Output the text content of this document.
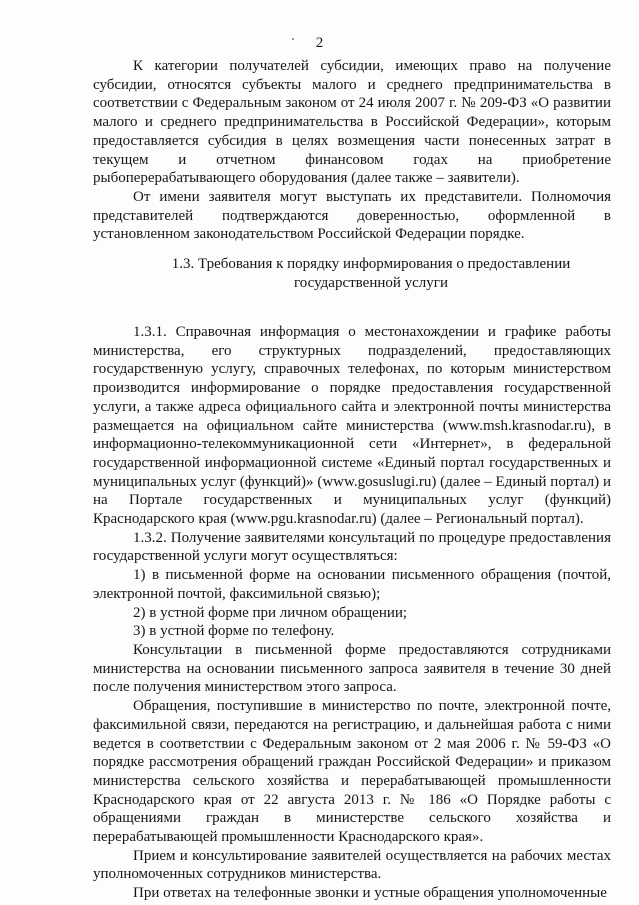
2

К категории получателей субсидии, имеющих право на получение субсидии, относятся субъекты малого и среднего предпринимательства в соответствии с Федеральным законом от 24 июля 2007 г. № 209-ФЗ «О развитии малого и среднего предпринимательства в Российской Федерации», которым предоставляется субсидия в целях возмещения части понесенных затрат в текущем и отчетном финансовом годах на приобретение рыбоперерабатывающего оборудования (далее также – заявители).

От имени заявителя могут выступать их представители. Полномочия представителей подтверждаются доверенностью, оформленной в установленном законодательством Российской Федерации порядке.

1.3. Требования к порядку информирования о предоставлении государственной услуги

1.3.1. Справочная информация о местонахождении и графике работы министерства, его структурных подразделений, предоставляющих государственную услугу, справочных телефонах, по которым министерством производится информирование о порядке предоставления государственной услуги, а также адреса официального сайта и электронной почты министерства размещается на официальном сайте министерства (www.msh.krasnodar.ru), в информационно-телекоммуникационной сети «Интернет», в федеральной государственной информационной системе «Единый портал государственных и муниципальных услуг (функций)» (www.gosuslugi.ru) (далее – Единый портал) и на Портале государственных и муниципальных услуг (функций) Краснодарского края (www.pgu.krasnodar.ru) (далее – Региональный портал).

1.3.2. Получение заявителями консультаций по процедуре предоставления государственной услуги могут осуществляться:

1) в письменной форме на основании письменного обращения (почтой, электронной почтой, факсимильной связью);

2) в устной форме при личном обращении;

3) в устной форме по телефону.

Консультации в письменной форме предоставляются сотрудниками министерства на основании письменного запроса заявителя в течение 30 дней после получения министерством этого запроса.

Обращения, поступившие в министерство по почте, электронной почте, факсимильной связи, передаются на регистрацию, и дальнейшая работа с ними ведется в соответствии с Федеральным законом от 2 мая 2006 г. № 59-ФЗ «О порядке рассмотрения обращений граждан Российской Федерации» и приказом министерства сельского хозяйства и перерабатывающей промышленности Краснодарского края от 22 августа 2013 г. № 186 «О Порядке работы с обращениями граждан в министерстве сельского хозяйства и перерабатывающей промышленности Краснодарского края».

Прием и консультирование заявителей осуществляется на рабочих местах уполномоченных сотрудников министерства.

При ответах на телефонные звонки и устные обращения уполномоченные
